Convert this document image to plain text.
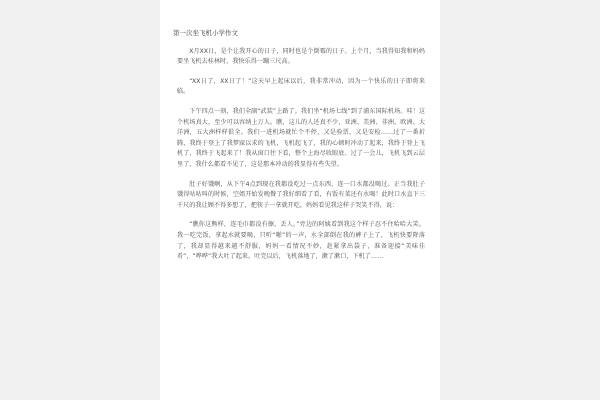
第一次坐飞机小学作文

X月XX日，是个让我开心的日子，同时也是个倒霉的日子。上个月，当我得知我和妈妈要坐飞机去桂林时，我快乐得一蹦三尺高。

“XX日了，XX日了！”这天早上起床以后，我非常冲动，因为一个快乐的日子即将来临。

下午四点一刻，我们全副“武装”上路了。我们坐“机场七线”到了浦东国际机场。哇！这个机场真大，至少可以容纳上万人。瞧，这儿的人还真不少，亚洲、美洲、非洲、欧洲、大洋洲，五大洲样样俱全。我们一进机场就忙个不停，又是验票，又是安检……过了一番折腾，我终于登上了我梦寐以求的飞机，飞机起飞了，我的心顿时冲动了起来，我终于登上飞机了，我终于飞起来了！我从窗口往下看，整个上海尽收眼底。过了一会儿，飞机飞到云层里了，我什么都看不见了，这是那本冲动的我显得有些失望。

肚子好饿啊，从下午4点到现在我都没吃过一点东西，连一口水都没喝过。正当我肚子饿得咕咕叫的时候，空姐开始发晚餐了我好细看了看，有饭有菜还有水喝！此时口水直下三千尺的我让顾不得多想了，把筷子一拿就开吃，妈妈看见我这样子哭笑不得，说：

“瞧你这熊样，连毛巾都没有擦，丢人。”旁边的阿姨看到我这个样子忍不住哈哈大笑。我一吃完饭，拿起水就要喝，只听“啪”的一声，水全部倒在我的裤子上了，飞机快要降落了，我却显得越来越不舒服，妈妈一看情况不妙，赶紧拿出袋子，准备迎接“美味佳肴”，“哗哗”我大吐了起来。吐完以后，飞机落地了，漱了漱口，下机了……
